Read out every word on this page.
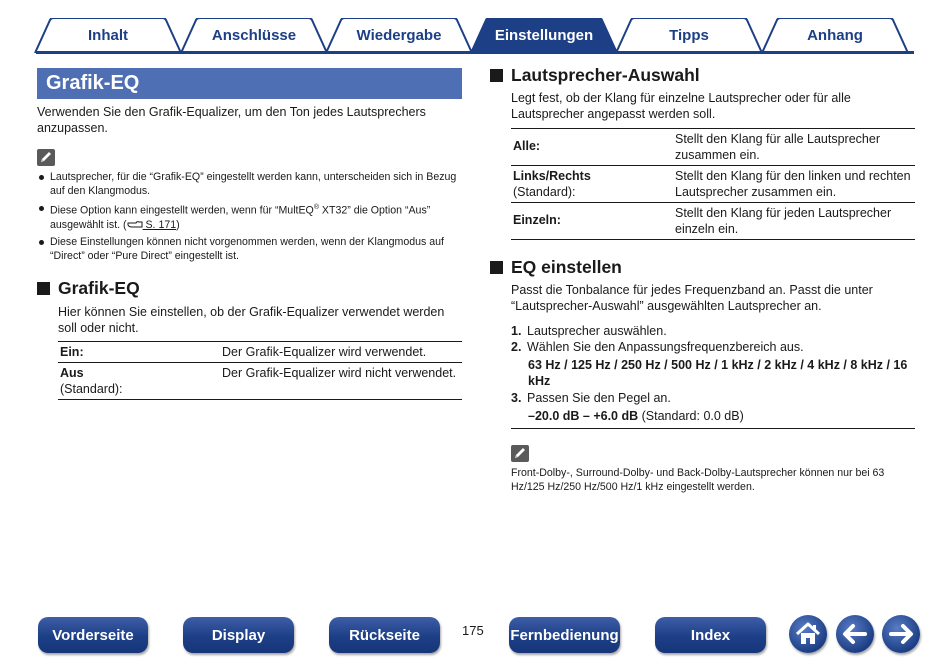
Inhalt	Anschlüsse	Wiedergabe	Einstellungen	Tipps	Anhang
Grafik-EQ
Verwenden Sie den Grafik-Equalizer, um den Ton jedes Lautsprechers anzupassen.
Lautsprecher, für die “Grafik-EQ” eingestellt werden kann, unterscheiden sich in Bezug auf den Klangmodus.
Diese Option kann eingestellt werden, wenn für “MultEQ® XT32” die Option “Aus” ausgewählt ist. ( S. 171)
Diese Einstellungen können nicht vorgenommen werden, wenn der Klangmodus auf “Direct” oder “Pure Direct” eingestellt ist.
Grafik-EQ
Hier können Sie einstellen, ob der Grafik-Equalizer verwendet werden soll oder nicht.
Ein:	Der Grafik-Equalizer wird verwendet.
Aus
(Standard):	Der Grafik-Equalizer wird nicht verwendet.
Lautsprecher-Auswahl
Legt fest, ob der Klang für einzelne Lautsprecher oder für alle Lautsprecher angepasst werden soll.
Alle:	Stellt den Klang für alle Lautsprecher zusammen ein.
Links/Rechts
(Standard):	Stellt den Klang für den linken und rechten Lautsprecher zusammen ein.
Einzeln:	Stellt den Klang für jeden Lautsprecher einzeln ein.
EQ einstellen
Passt die Tonbalance für jedes Frequenzband an. Passt die unter “Lautsprecher-Auswahl” ausgewählten Lautsprecher an.
1. Lautsprecher auswählen.
2. Wählen Sie den Anpassungsfrequenzbereich aus.
63 Hz / 125 Hz / 250 Hz / 500 Hz / 1 kHz / 2 kHz / 4 kHz / 8 kHz / 16 kHz
3. Passen Sie den Pegel an.
–20.0 dB – +6.0 dB (Standard: 0.0 dB)
Front-Dolby-, Surround-Dolby- und Back-Dolby-Lautsprecher können nur bei 63 Hz/125 Hz/250 Hz/500 Hz/1 kHz eingestellt werden.
Vorderseite	Display	Rückseite	175 Fernbedienung	Index
